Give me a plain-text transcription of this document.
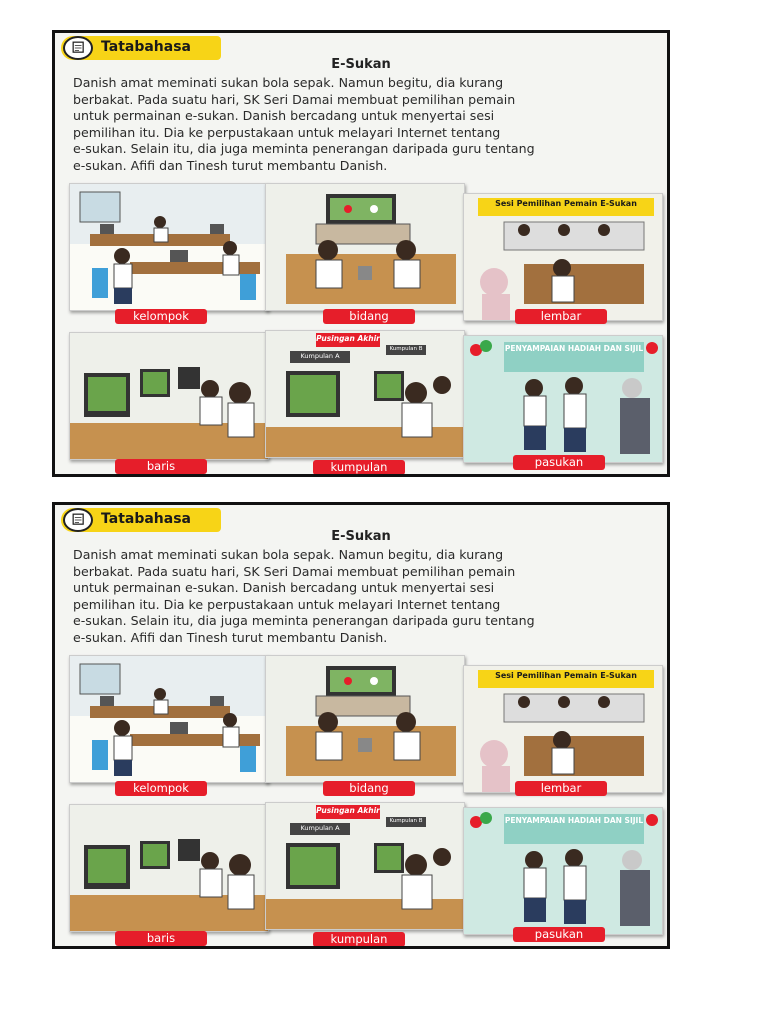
Tatabahasa
E-Sukan

Danish amat meminati sukan bola sepak. Namun begitu, dia kurang
berbakat. Pada suatu hari, SK Seri Damai membuat pemilihan pemain
untuk permainan e-sukan. Danish bercadang untuk menyertai sesi
pemilihan itu. Dia ke perpustakaan untuk melayari Internet tentang
e-sukan. Selain itu, dia juga meminta penerangan daripada guru tentang
e-sukan. Afifi dan Tinesh turut membantu Danish.

kelompok	bidang
Sesi Pemilihan Pemain E-Sukan
lembar
baris
Pusingan Akhir
Kumpulan A
Kumpulan B
kumpulan
PENYAMPAIAN HADIAH DAN SIJIL
pasukan
Tatabahasa
E-Sukan

Danish amat meminati sukan bola sepak. Namun begitu, dia kurang
berbakat. Pada suatu hari, SK Seri Damai membuat pemilihan pemain
untuk permainan e-sukan. Danish bercadang untuk menyertai sesi
pemilihan itu. Dia ke perpustakaan untuk melayari Internet tentang
e-sukan. Selain itu, dia juga meminta penerangan daripada guru tentang
e-sukan. Afifi dan Tinesh turut membantu Danish.

kelompok	bidang
Sesi Pemilihan Pemain E-Sukan
lembar
baris
Pusingan Akhir
Kumpulan A
Kumpulan B
kumpulan
PENYAMPAIAN HADIAH DAN SIJIL
pasukan
